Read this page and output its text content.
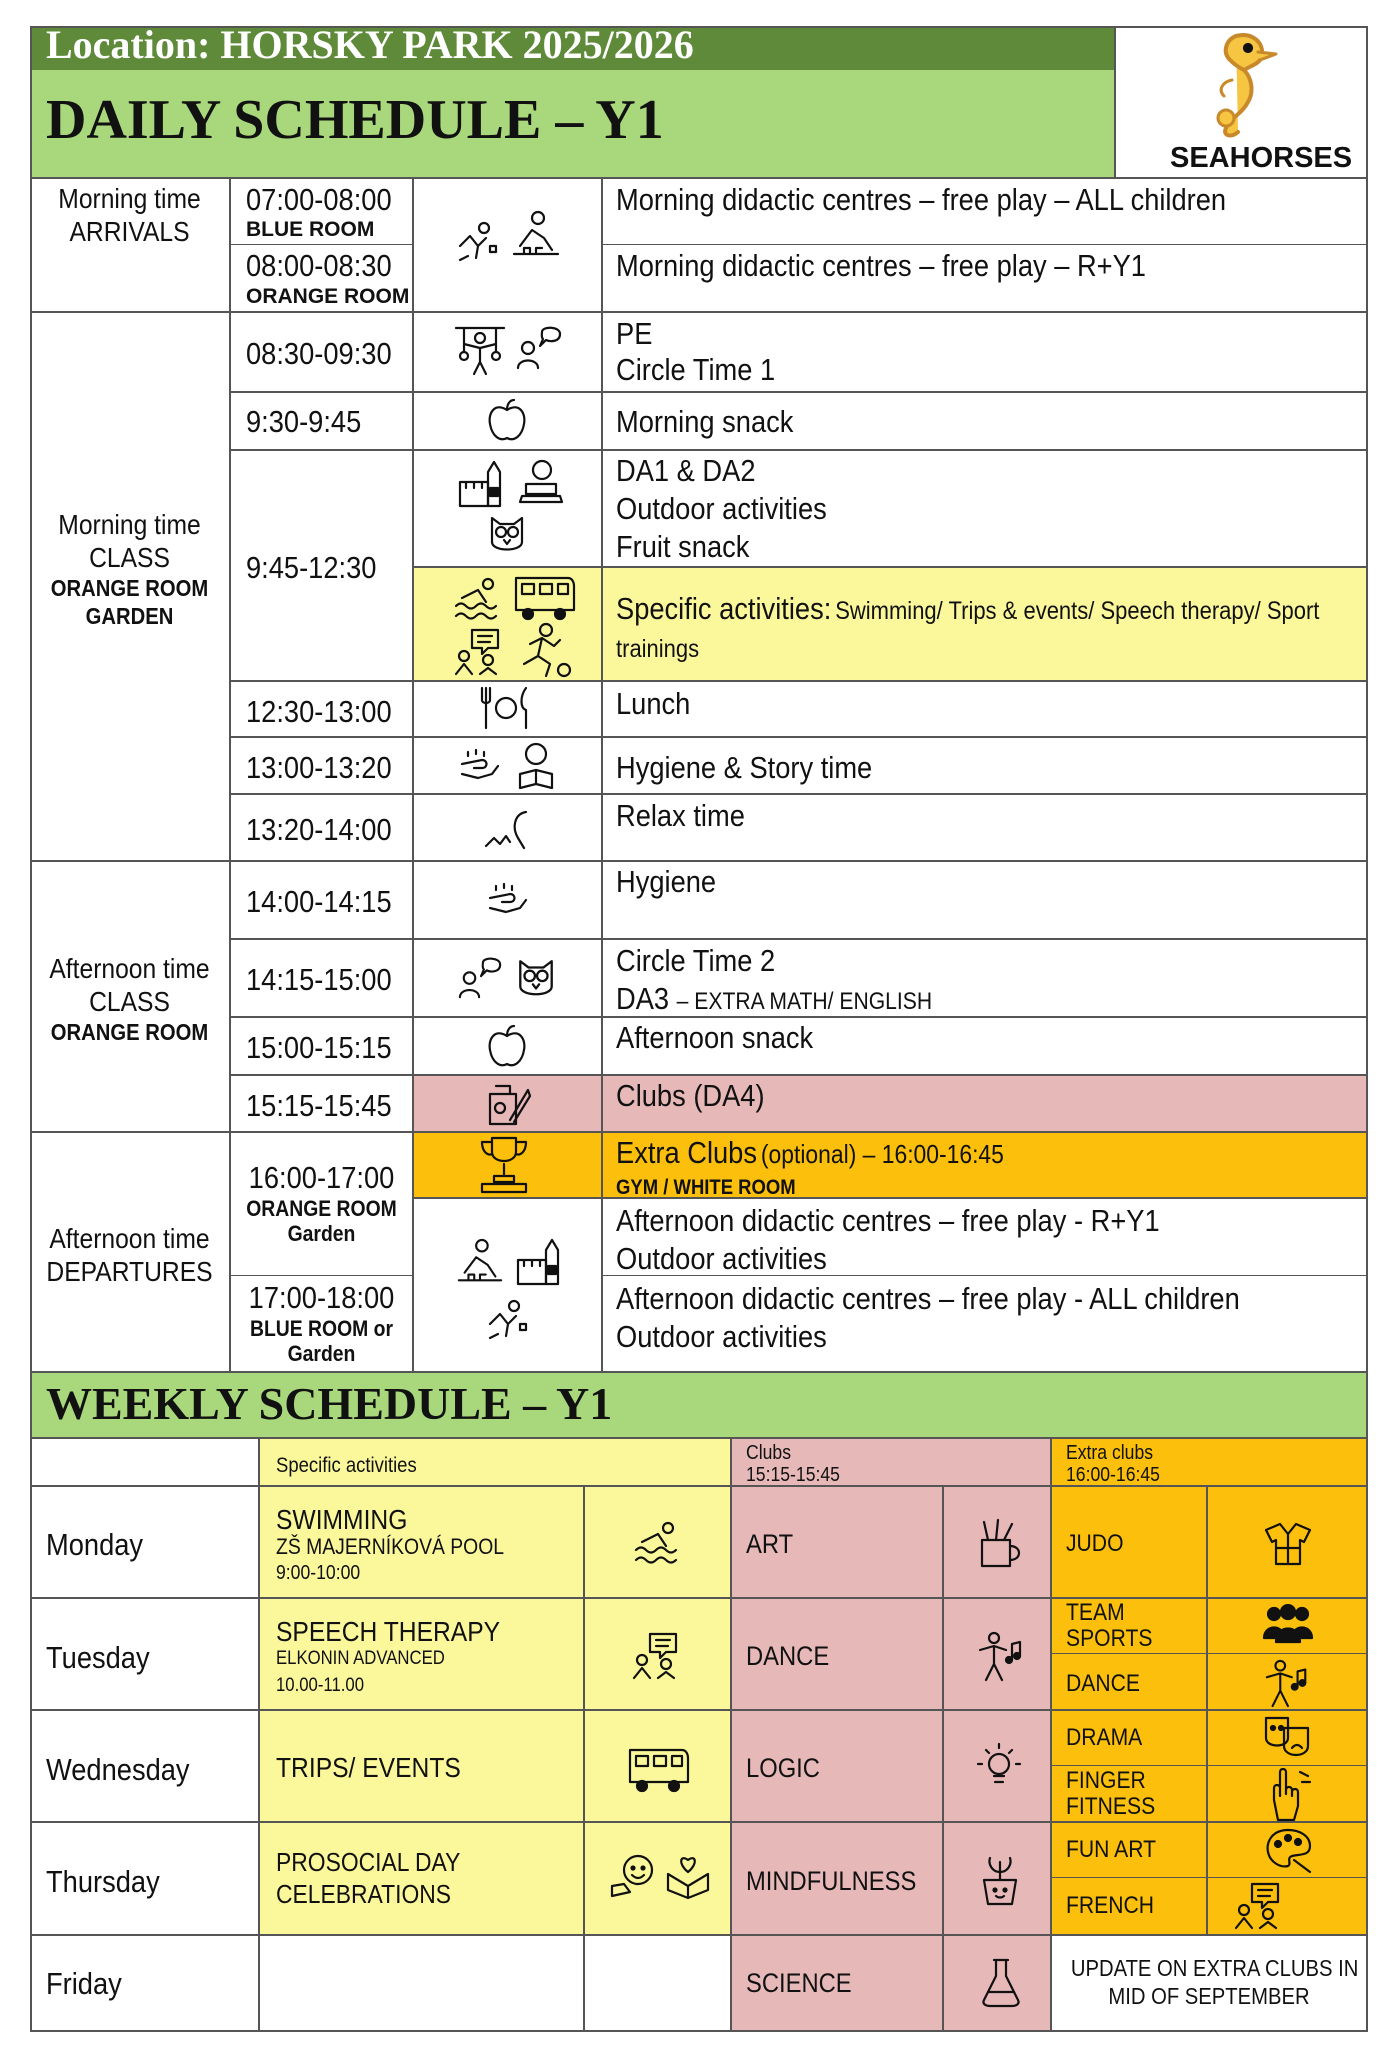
Location: HORSKY PARK 2025/2026
DAILY SCHEDULE – Y1
SEAHORSES
Morning time
ARRIVALS
Morning time
CLASS
ORANGE ROOM
GARDEN
Afternoon time
CLASS
ORANGE ROOM
Afternoon time
DEPARTURES
07:00-08:00
BLUE ROOM
08:00-08:30
ORANGE ROOM
08:30-09:30
9:30-9:45
9:45-12:30
12:30-13:00
13:00-13:20
13:20-14:00
14:00-14:15
14:15-15:00
15:00-15:15
15:15-15:45
16:00-17:00
ORANGE ROOM
Garden
17:00-18:00
BLUE ROOM or
Garden
Morning didactic centres – free play – ALL children
Morning didactic centres – free play – R+Y1
PE
Circle Time 1
Morning snack
DA1 & DA2
Outdoor activities
Fruit snack
Specific activities: Swimming/ Trips & events/ Speech therapy/ Sport
trainings
Lunch
Hygiene & Story time
Relax time
Hygiene
Circle Time 2
DA3 – EXTRA MATH/ ENGLISH
Afternoon snack
Clubs (DA4)
Extra Clubs (optional) – 16:00-16:45
GYM / WHITE ROOM
Afternoon didactic centres – free play - R+Y1
Outdoor activities
Afternoon didactic centres – free play - ALL children
Outdoor activities
WEEKLY SCHEDULE – Y1
Specific activities
Clubs
15:15-15:45
Extra clubs
16:00-16:45
Monday
Tuesday
Wednesday
Thursday
Friday
SWIMMING
ZŠ MAJERNÍKOVÁ POOL
9:00-10:00
SPEECH THERAPY
ELKONIN ADVANCED
10.00-11.00
TRIPS/ EVENTS
PROSOCIAL DAY
CELEBRATIONS
ART
DANCE
LOGIC
MINDFULNESS
SCIENCE
JUDO
TEAM
SPORTS
DANCE
DRAMA
FINGER
FITNESS
FUN ART
FRENCH
UPDATE ON EXTRA CLUBS IN
MID OF SEPTEMBER
